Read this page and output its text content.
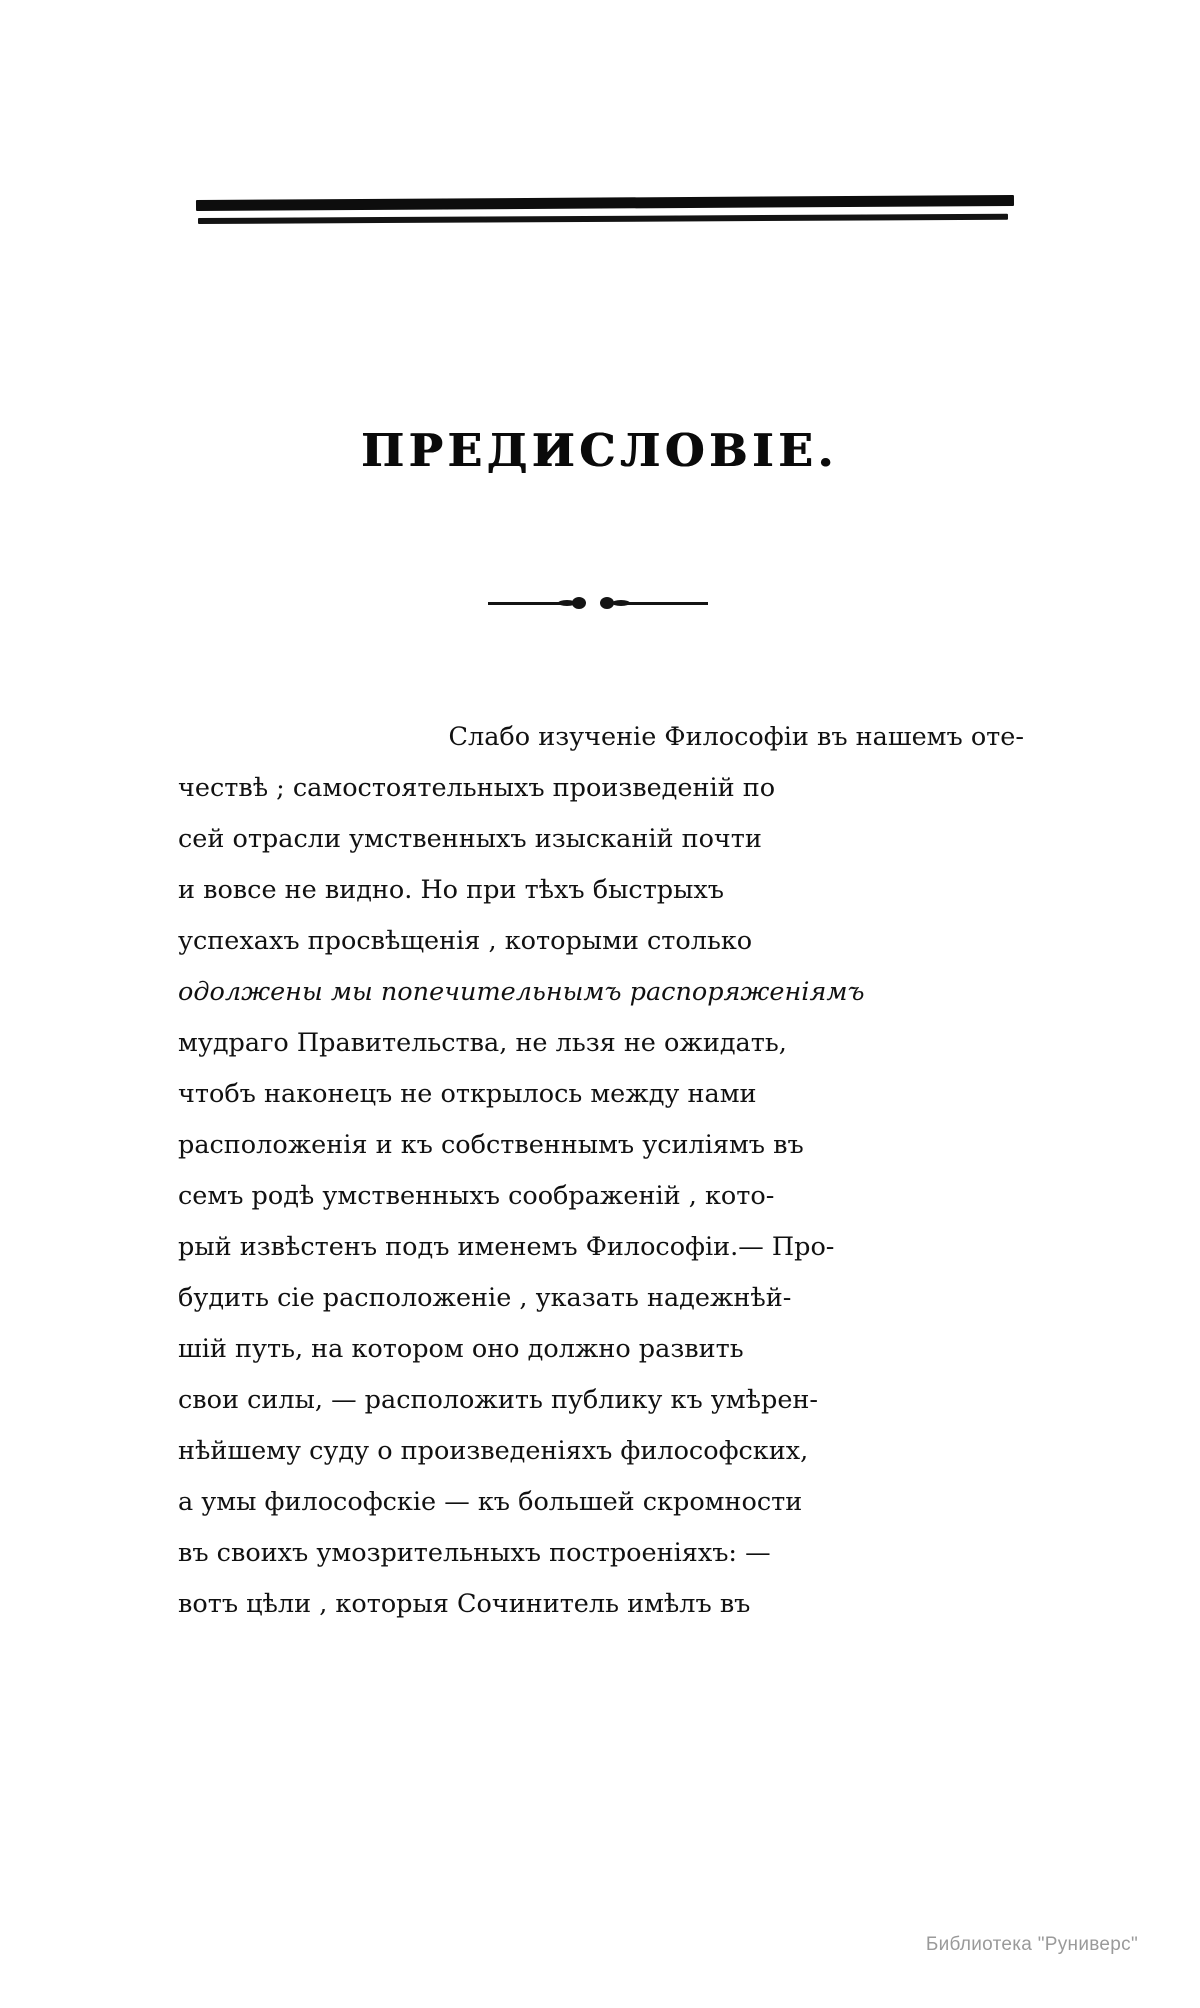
ПРЕДИСЛОВІЕ.

Слабо изученіе Философіи въ нашемъ оте-
чествѣ ; самостоятельныхъ произведеній по
сей отрасли умственныхъ изысканій почти
и вовсе не видно. Но при тѣхъ быстрыхъ
успехахъ просвѣщенія , которыми столько
одолжены мы попечительнымъ распоряженіямъ
мудраго Правительства, не льзя не ожидать,
чтобъ наконецъ не открылось между нами
расположенія и къ собственнымъ усиліямъ въ
семъ родѣ умственныхъ соображеній , кото-
рый извѣстенъ подъ именемъ Философіи.— Про-
будить сіе расположеніе , указать надежнѣй-
шій путь, на котором оно должно развить
свои силы, — расположить публику къ умѣрен-
нѣйшему суду о произведеніяхъ философских,
а умы философскіе — къ большей скромности
въ своихъ умозрительныхъ построеніяхъ: —
вотъ цѣли , которыя Сочинитель имѣлъ въ

Библиотека "Руниверс"
